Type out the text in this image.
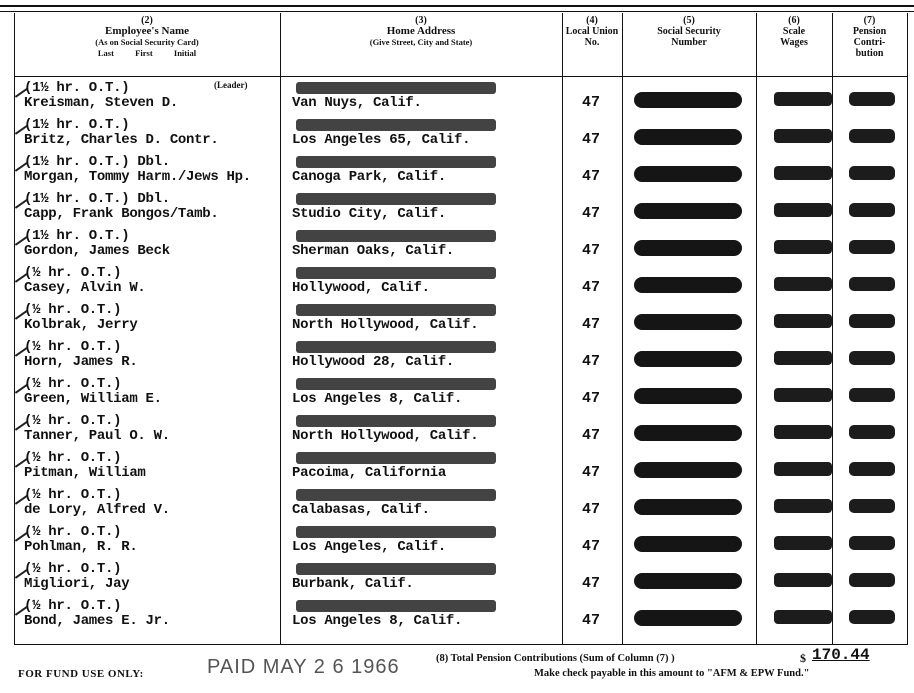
(2)
Employee's Name
(As on Social Security Card)
Last          First          Initial
(3)
Home Address
(Give Street, City and State)
(4)
Local Union No.
(5)
Social Security Number
(6)
Scale Wages
(7)
Pension Contri- bution
(1½ hr. O.T.)	(Leader)
Kreisman, Steven D.	Van Nuys, Calif.	47
(1½ hr. O.T.)
Britz, Charles D. Contr.	Los Angeles 65, Calif.	47
(1½ hr. O.T.) Dbl.
Morgan, Tommy Harm./Jews Hp.	Canoga Park, Calif.	47
(1½ hr. O.T.) Dbl.
Capp, Frank Bongos/Tamb.	Studio City, Calif.	47
(1½ hr. O.T.)
Gordon, James Beck	Sherman Oaks, Calif.	47
(½ hr. O.T.)
Casey, Alvin W.	Hollywood, Calif.	47
(½ hr. O.T.)
Kolbrak, Jerry	North Hollywood, Calif.	47
(½ hr. O.T.)
Horn, James R.	Hollywood 28, Calif.	47
(½ hr. O.T.)
Green, William E.	Los Angeles 8, Calif.	47
(½ hr. O.T.)
Tanner, Paul O. W.	North Hollywood, Calif.	47
(½ hr. O.T.)
Pitman, William	Pacoima, California	47
(½ hr. O.T.)
de Lory, Alfred V.	Calabasas, Calif.	47
(½ hr. O.T.)
Pohlman, R. R.	Los Angeles, Calif.	47
(½ hr. O.T.)
Migliori, Jay	Burbank, Calif.	47
(½ hr. O.T.)
Bond, James E. Jr.	Los Angeles 8, Calif.	47
FOR FUND USE ONLY:	PAID MAY 2 6 1966	(8) Total Pension Contributions (Sum of Column (7) )	$ 170.44
Make check payable in this amount to "AFM & EPW Fund."
